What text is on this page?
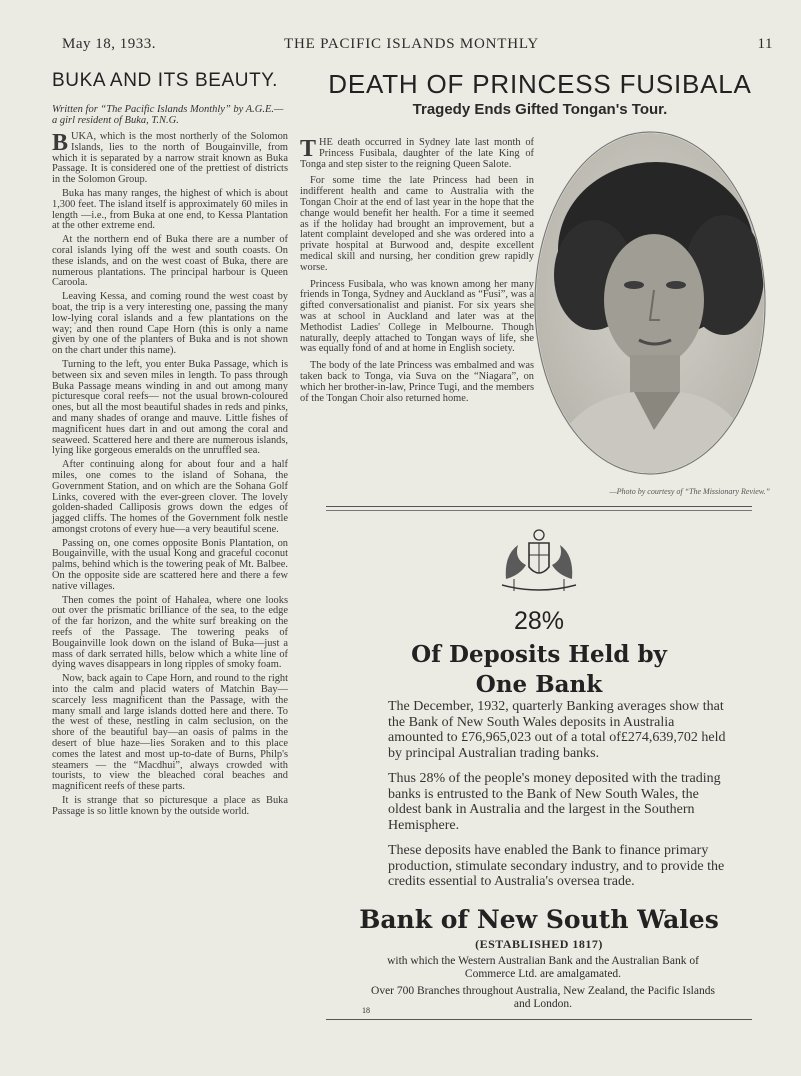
May 18, 1933.	THE PACIFIC ISLANDS MONTHLY	11
BUKA AND ITS BEAUTY.
Written for “The Pacific Islands Monthly” by A.G.E.—a girl resident of Buka, T.N.G.

BUKA, which is the most northerly of the Solomon Islands, lies to the north of Bougainville, from which it is separated by a narrow strait known as Buka Passage. It is considered one of the prettiest of districts in the Solomon Group.

Buka has many ranges, the highest of which is about 1,300 feet. The island itself is approximately 60 miles in length —i.e., from Buka at one end, to Kessa Plantation at the other extreme end.

At the northern end of Buka there are a number of coral islands lying off the west and south coasts. On these islands, and on the west coast of Buka, there are numerous plantations. The principal harbour is Queen Caroola.

Leaving Kessa, and coming round the west coast by boat, the trip is a very interesting one, passing the many low-lying coral islands and a few plantations on the way; and then round Cape Horn (this is only a name given by one of the planters of Buka and is not shown on the chart under this name).

Turning to the left, you enter Buka Passage, which is between six and seven miles in length. To pass through Buka Passage means winding in and out among many picturesque coral reefs— not the usual brown-coloured ones, but all the most beautiful shades in reds and pinks, and many shades of orange and mauve. Little fishes of magnificent hues dart in and out among the coral and seaweed. Scattered here and there are numerous islands, lying like gorgeous emeralds on the unruffled sea.

After continuing along for about four and a half miles, one comes to the island of Sohana, the Government Station, and on which are the Sohana Golf Links, covered with the ever-green clover. The lovely golden-shaded Calliposis grows down the edges of jagged cliffs. The homes of the Government folk nestle amongst crotons of every hue—a very beautiful scene.

Passing on, one comes opposite Bonis Plantation, on Bougainville, with the usual Kong and graceful coconut palms, behind which is the towering peak of Mt. Balbee. On the opposite side are scattered here and there a few native villages.

Then comes the point of Hahalea, where one looks out over the prismatic brilliance of the sea, to the edge of the far horizon, and the white surf breaking on the reefs of the Passage. The towering peaks of Bougainville look down on the island of Buka—just a mass of dark serrated hills, below which a white line of dying waves disappears in long ripples of smoky foam.

Now, back again to Cape Horn, and round to the right into the calm and placid waters of Matchin Bay—scarcely less magnificent than the Passage, with the many small and large islands dotted here and there. To the west of these, nestling in calm seclusion, on the shore of the beautiful bay—an oasis of palms in the desert of blue haze—lies Soraken and to this place comes the latest and most up-to-date of Burns, Philp's steamers — the “Macdhui”, always crowded with tourists, to view the bleached coral beaches and magnificent reefs of these parts.

It is strange that so picturesque a place as Buka Passage is so little known by the outside world.

DEATH OF PRINCESS FUSIBALA
Tragedy Ends Gifted Tongan's Tour.

THE death occurred in Sydney late last month of Princess Fusibala, daughter of the late King of Tonga and step sister to the reigning Queen Salote.

For some time the late Princess had been in indifferent health and came to Australia with the Tongan Choir at the end of last year in the hope that the change would benefit her health. For a time it seemed as if the holiday had brought an improvement, but a latent complaint developed and she was ordered into a private hospital at Burwood and, despite excellent medical skill and nursing, her condition grew rapidly worse.

Princess Fusibala, who was known among her many friends in Tonga, Sydney and Auckland as “Fusi”, was a gifted conversationalist and pianist. For six years she was at school in Auckland and later was at the Methodist Ladies' College in Melbourne. Though naturally, deeply attached to Tongan ways of life, she was equally fond of and at home in English society.

The body of the late Princess was embalmed and was taken back to Tonga, via Suva on the “Niagara”, on which her brother-in-law, Prince Tugi, and the members of the Tongan Choir also returned home.

—Photo by courtesy of “The Missionary Review.”
28%
Of Deposits Held by
One Bank

The December, 1932, quarterly Banking averages show that the Bank of New South Wales deposits in Australia amounted to £76,965,023 out of a total of£274,639,702 held by principal Australian trading banks.

Thus 28% of the people's money deposited with the trading banks is entrusted to the Bank of New South Wales, the oldest bank in Australia and the largest in the Southern Hemisphere.

These deposits have enabled the Bank to finance primary production, stimulate secondary industry, and to provide the credits essential to Australia's oversea trade.

Bank of New South Wales
(ESTABLISHED 1817)
with which the Western Australian Bank and the Australian Bank of Commerce Ltd. are amalgamated.
Over 700 Branches throughout Australia, New Zealand, the Pacific Islands and London.
18
